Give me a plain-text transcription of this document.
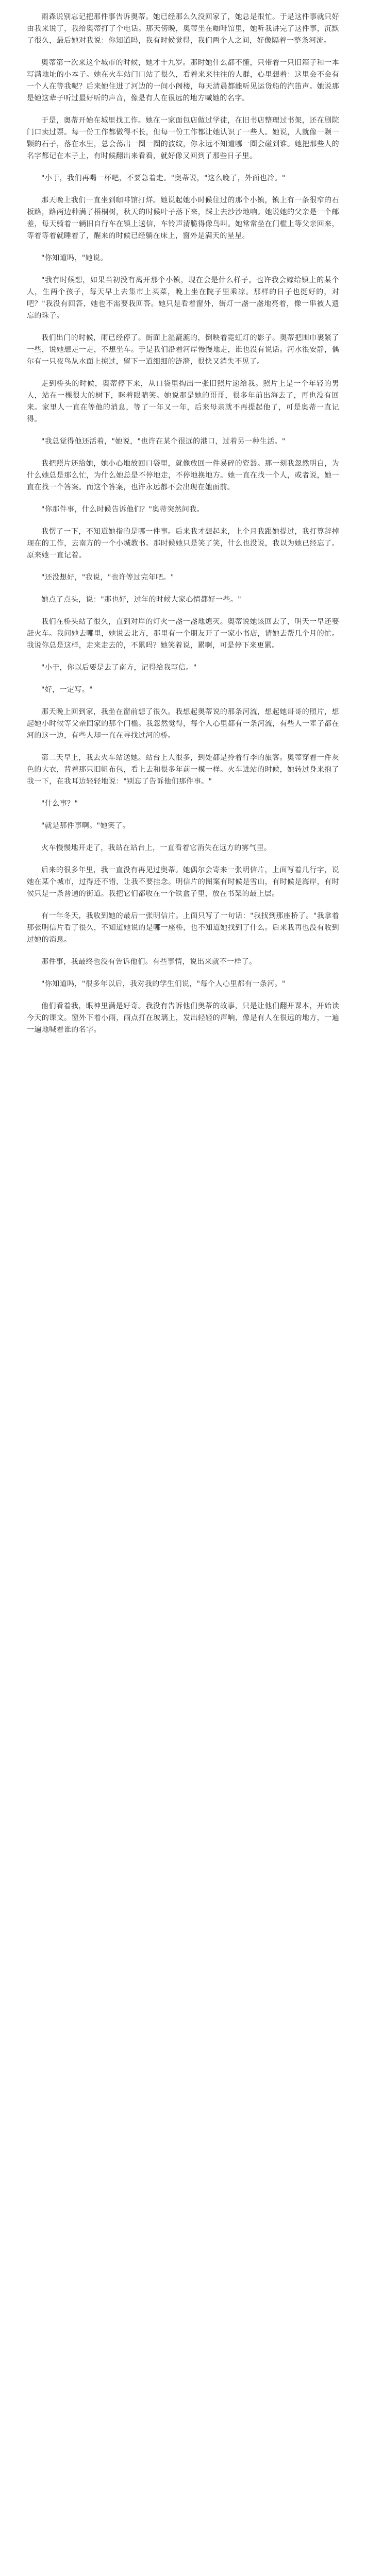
雨森说别忘记把那件事告诉奥蒂。她已经那么久没回家了，她总是很忙。于是这件事就只好由我来说了，我给奥蒂打了个电话。那天傍晚，奥蒂坐在咖啡馆里，她听我讲完了这件事，沉默了很久，最后她对我说：你知道吗，我有时候觉得，我们两个人之间，好像隔着一整条河流。

奥蒂第一次来这个城市的时候，她才十九岁。那时她什么都不懂，只带着一只旧箱子和一本写满地址的小本子。她在火车站门口站了很久，看着来来往往的人群，心里想着：这里会不会有一个人在等我呢？后来她住进了河边的一间小阁楼，每天清晨都能听见运货船的汽笛声。她说那是她这辈子听过最好听的声音，像是有人在很远的地方喊她的名字。

于是，奥蒂开始在城里找工作。她在一家面包店做过学徒，在旧书店整理过书架，还在剧院门口卖过票。每一份工作都做得不长，但每一份工作都让她认识了一些人。她说，人就像一颗一颗的石子，落在水里，总会荡出一圈一圈的波纹，你永远不知道哪一圈会碰到谁。她把那些人的名字都记在本子上，有时候翻出来看看，就好像又回到了那些日子里。

"小于，我们再喝一杯吧，不要急着走。"奥蒂说，"这么晚了，外面也冷。"

那天晚上我们一直坐到咖啡馆打烊。她说起她小时候住过的那个小镇，镇上有一条很窄的石板路，路两边种满了梧桐树，秋天的时候叶子落下来，踩上去沙沙地响。她说她的父亲是一个邮差，每天骑着一辆旧自行车在镇上送信，车铃声清脆得像鸟叫。她常常坐在门槛上等父亲回来，等着等着就睡着了，醒来的时候已经躺在床上，窗外是满天的星星。

"你知道吗，"她说。

"我有时候想，如果当初没有离开那个小镇，现在会是什么样子。也许我会嫁给镇上的某个人，生两个孩子，每天早上去集市上买菜，晚上坐在院子里乘凉。那样的日子也挺好的，对吧？"我没有回答，她也不需要我回答。她只是看着窗外，街灯一盏一盏地亮着，像一串被人遗忘的珠子。

我们出门的时候，雨已经停了。街面上湿漉漉的，倒映着霓虹灯的影子。奥蒂把围巾裹紧了一些，说她想走一走，不想坐车。于是我们沿着河岸慢慢地走，谁也没有说话。河水很安静，偶尔有一只夜鸟从水面上掠过，留下一道细细的涟漪，很快又消失不见了。

走到桥头的时候，奥蒂停下来，从口袋里掏出一张旧照片递给我。照片上是一个年轻的男人，站在一棵很大的树下，眯着眼睛笑。她说那是她的哥哥，很多年前出海去了，再也没有回来。家里人一直在等他的消息，等了一年又一年，后来母亲就不再提起他了，可是奥蒂一直记得。

"我总觉得他还活着，"她说，"也许在某个很远的港口，过着另一种生活。"

我把照片还给她，她小心地放回口袋里，就像放回一件易碎的瓷器。那一刻我忽然明白，为什么她总是那么忙，为什么她总是不停地走，不停地换地方。她一直在找一个人，或者说，她一直在找一个答案。而这个答案，也许永远都不会出现在她面前。

"你那件事，什么时候告诉他们？"奥蒂突然问我。

我愣了一下，不知道她指的是哪一件事。后来我才想起来，上个月我跟她提过，我打算辞掉现在的工作，去南方的一个小城教书。那时候她只是笑了笑，什么也没说，我以为她已经忘了。原来她一直记着。

"还没想好，"我说，"也许等过完年吧。"

她点了点头，说："那也好，过年的时候大家心情都好一些。"

我们在桥头站了很久，直到对岸的灯火一盏一盏地熄灭。奥蒂说她该回去了，明天一早还要赶火车。我问她去哪里，她说去北方，那里有一个朋友开了一家小书店，请她去帮几个月的忙。我说你总是这样，走来走去的，不累吗？她笑着说，累啊，可是停下来更累。

"小于，你以后要是去了南方，记得给我写信。"

"好，一定写。"

那天晚上回到家，我坐在窗前想了很久。我想起奥蒂说的那条河流，想起她哥哥的照片，想起她小时候等父亲回家的那个门槛。我忽然觉得，每个人心里都有一条河流，有些人一辈子都在河的这一边，有些人却一直在寻找过河的桥。

第二天早上，我去火车站送她。站台上人很多，到处都是拎着行李的旅客。奥蒂穿着一件灰色的大衣，背着那只旧帆布包，看上去和很多年前一模一样。火车进站的时候，她转过身来抱了我一下，在我耳边轻轻地说："别忘了告诉他们那件事。"

"什么事？"

"就是那件事啊。"她笑了。

火车慢慢地开走了，我站在站台上，一直看着它消失在远方的雾气里。

后来的很多年里，我一直没有再见过奥蒂。她偶尔会寄来一张明信片，上面写着几行字，说她在某个城市，过得还不错，让我不要挂念。明信片的图案有时候是雪山，有时候是海岸，有时候只是一条普通的街道。我把它们都收在一个铁盒子里，放在书架的最上层。

有一年冬天，我收到她的最后一张明信片。上面只写了一句话："我找到那座桥了。"我拿着那张明信片看了很久，不知道她说的是哪一座桥，也不知道她找到了什么。后来我再也没有收到过她的消息。

那件事，我最终也没有告诉他们。有些事情，说出来就不一样了。

"你知道吗，"很多年以后，我对我的学生们说，"每个人心里都有一条河。"

他们看着我，眼神里满是好奇。我没有告诉他们奥蒂的故事，只是让他们翻开课本，开始读今天的课文。窗外下着小雨，雨点打在玻璃上，发出轻轻的声响，像是有人在很远的地方，一遍一遍地喊着谁的名字。
